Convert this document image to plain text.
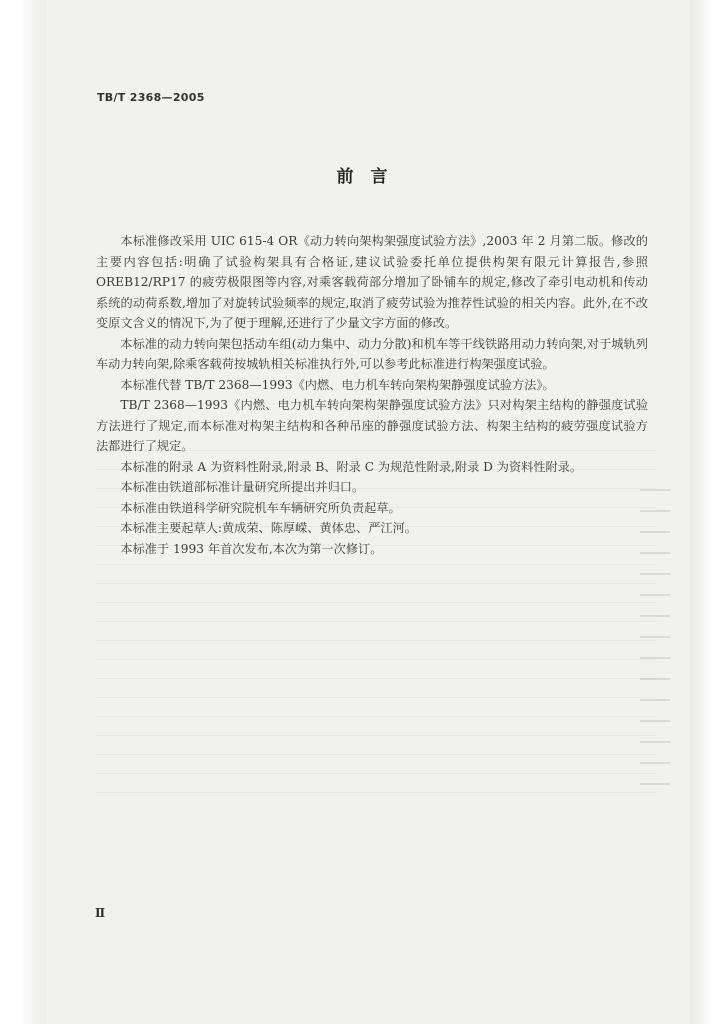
TB/T 2368—2005
前　言

本标准修改采用 UIC 615-4 OR《动力转向架构架强度试验方法》,2003 年 2 月第二版。修改的主要内容包括:明确了试验构架具有合格证,建议试验委托单位提供构架有限元计算报告,参照 OREB12/RP17 的疲劳极限图等内容,对乘客载荷部分增加了卧铺车的规定,修改了牵引电动机和传动系统的动荷系数,增加了对旋转试验频率的规定,取消了疲劳试验为推荐性试验的相关内容。此外,在不改变原文含义的情况下,为了便于理解,还进行了少量文字方面的修改。

本标准的动力转向架包括动车组(动力集中、动力分散)和机车等干线铁路用动力转向架,对于城轨列车动力转向架,除乘客载荷按城轨相关标准执行外,可以参考此标准进行构架强度试验。

本标准代替 TB/T 2368—1993《内燃、电力机车转向架构架静强度试验方法》。

TB/T 2368—1993《内燃、电力机车转向架构架静强度试验方法》只对构架主结构的静强度试验方法进行了规定,而本标准对构架主结构和各种吊座的静强度试验方法、构架主结构的疲劳强度试验方法都进行了规定。

本标准的附录 A 为资料性附录,附录 B、附录 C 为规范性附录,附录 D 为资料性附录。

本标准由铁道部标准计量研究所提出并归口。

本标准由铁道科学研究院机车车辆研究所负责起草。

本标准主要起草人:黄成荣、陈厚嵘、黄体忠、严江河。

本标准于 1993 年首次发布,本次为第一次修订。

Ⅱ
